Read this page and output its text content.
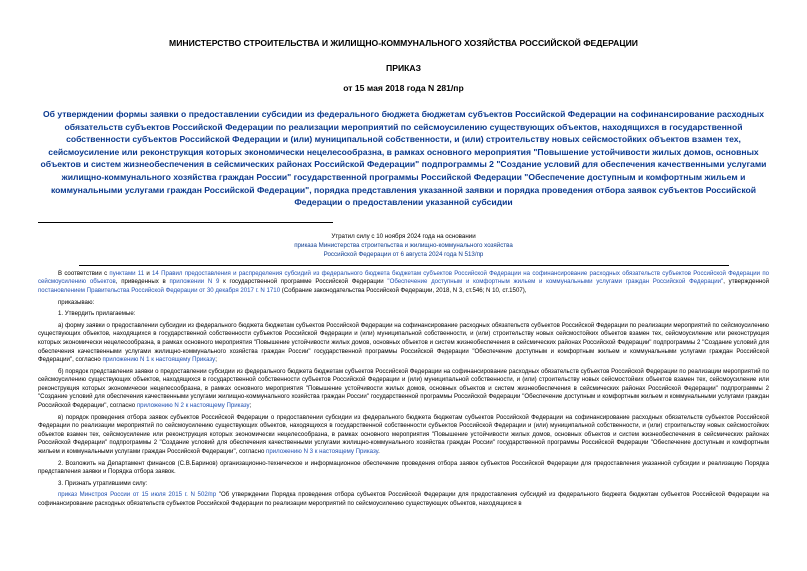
МИНИСТЕРСТВО СТРОИТЕЛЬСТВА И ЖИЛИЩНО-КОММУНАЛЬНОГО ХОЗЯЙСТВА РОССИЙСКОЙ ФЕДЕРАЦИИ
ПРИКАЗ
от 15 мая 2018 года N 281/пр
Об утверждении формы заявки о предоставлении субсидии из федерального бюджета бюджетам субъектов Российской Федерации на софинансирование расходных обязательств субъектов Российской Федерации по реализации мероприятий по сейсмоусилению существующих объектов, находящихся в государственной собственности субъектов Российской Федерации и (или) муниципальной собственности, и (или) строительству новых сейсмостойких объектов взамен тех, сейсмоусиление или реконструкция которых экономически нецелесообразна, в рамках основного мероприятия "Повышение устойчивости жилых домов, основных объектов и систем жизнеобеспечения в сейсмических районах Российской Федерации" подпрограммы 2 "Создание условий для обеспечения качественными услугами жилищно-коммунального хозяйства граждан России" государственной программы Российской Федерации "Обеспечение доступным и комфортным жильем и коммунальными услугами граждан Российской Федерации", порядка представления указанной заявки и порядка проведения отбора заявок субъектов Российской Федерации о предоставлении указанной субсидии
Утратил силу с 10 ноября 2024 года на основании
приказа Министерства строительства и жилищно-коммунального хозяйства
Российской Федерации от 6 августа 2024 года N 513/пр

В соответствии с пунктами 11 и 14 Правил предоставления и распределения субсидий из федерального бюджета бюджетам субъектов Российской Федерации на софинансирование расходных обязательств субъектов Российской Федерации по сейсмоусилению объектов, приведенных в приложении N 9 к государственной программе Российской Федерации "Обеспечение доступным и комфортным жильем и коммунальными услугами граждан Российской Федерации", утвержденной постановлением Правительства Российской Федерации от 30 декабря 2017 г. N 1710 (Собрание законодательства Российской Федерации, 2018, N 3, ст.546; N 10, ст.1507),

приказываю:

1. Утвердить прилагаемые:

а) форму заявки о предоставлении субсидии из федерального бюджета бюджетам субъектов Российской Федерации на софинансирование расходных обязательств субъектов Российской Федерации по реализации мероприятий по сейсмоусилению существующих объектов, находящихся в государственной собственности субъектов Российской Федерации и (или) муниципальной собственности, и (или) строительству новых сейсмостойких объектов взамен тех, сейсмоусиление или реконструкция которых экономически нецелесообразна, в рамках основного мероприятия "Повышение устойчивости жилых домов, основных объектов и систем жизнеобеспечения в сейсмических районах Российской Федерации" подпрограммы 2 "Создание условий для обеспечения качественными услугами жилищно-коммунального хозяйства граждан России" государственной программы Российской Федерации "Обеспечение доступным и комфортным жильем и коммунальными услугами граждан Российской Федерации", согласно приложению N 1 к настоящему Приказу;

б) порядок представления заявки о предоставлении субсидии из федерального бюджета бюджетам субъектов Российской Федерации на софинансирование расходных обязательств субъектов Российской Федерации по реализации мероприятий по сейсмоусилению существующих объектов, находящихся в государственной собственности субъектов Российской Федерации и (или) муниципальной собственности, и (или) строительству новых сейсмостойких объектов взамен тех, сейсмоусиление или реконструкция которых экономически нецелесообразна, в рамках основного мероприятия "Повышение устойчивости жилых домов, основных объектов и систем жизнеобеспечения в сейсмических районах Российской Федерации" подпрограммы 2 "Создание условий для обеспечения качественными услугами жилищно-коммунального хозяйства граждан России" государственной программы Российской Федерации "Обеспечение доступным и комфортным жильем и коммунальными услугами граждан Российской Федерации", согласно приложению N 2 к настоящему Приказу;

в) порядок проведения отбора заявок субъектов Российской Федерации о предоставлении субсидии из федерального бюджета бюджетам субъектов Российской Федерации на софинансирование расходных обязательств субъектов Российской Федерации по реализации мероприятий по сейсмоусилению существующих объектов, находящихся в государственной собственности субъектов Российской Федерации и (или) муниципальной собственности, и (или) строительству новых сейсмостойких объектов взамен тех, сейсмоусиление или реконструкция которых экономически нецелесообразна, в рамках основного мероприятия "Повышение устойчивости жилых домов, основных объектов и систем жизнеобеспечения в сейсмических районах Российской Федерации" подпрограммы 2 "Создание условий для обеспечения качественными услугами жилищно-коммунального хозяйства граждан России" государственной программы Российской Федерации "Обеспечение доступным и комфортным жильем и коммунальными услугами граждан Российской Федерации", согласно приложению N 3 к настоящему Приказу.

2. Возложить на Департамент финансов (С.В.Баринов) организационно-техническое и информационное обеспечение проведения отбора заявок субъектов Российской Федерации для предоставления указанной субсидии и реализацию Порядка представления заявки и Порядка отбора заявок.

3. Признать утратившими силу:

приказ Минстроя России от 15 июля 2015 г. N 502/пр "Об утверждении Порядка проведения отбора субъектов Российской Федерации для предоставления субсидий из федерального бюджета бюджетам субъектов Российской Федерации на софинансирование расходных обязательств субъектов Российской Федерации по реализации мероприятий по сейсмоусилению существующих объектов, находящихся в
